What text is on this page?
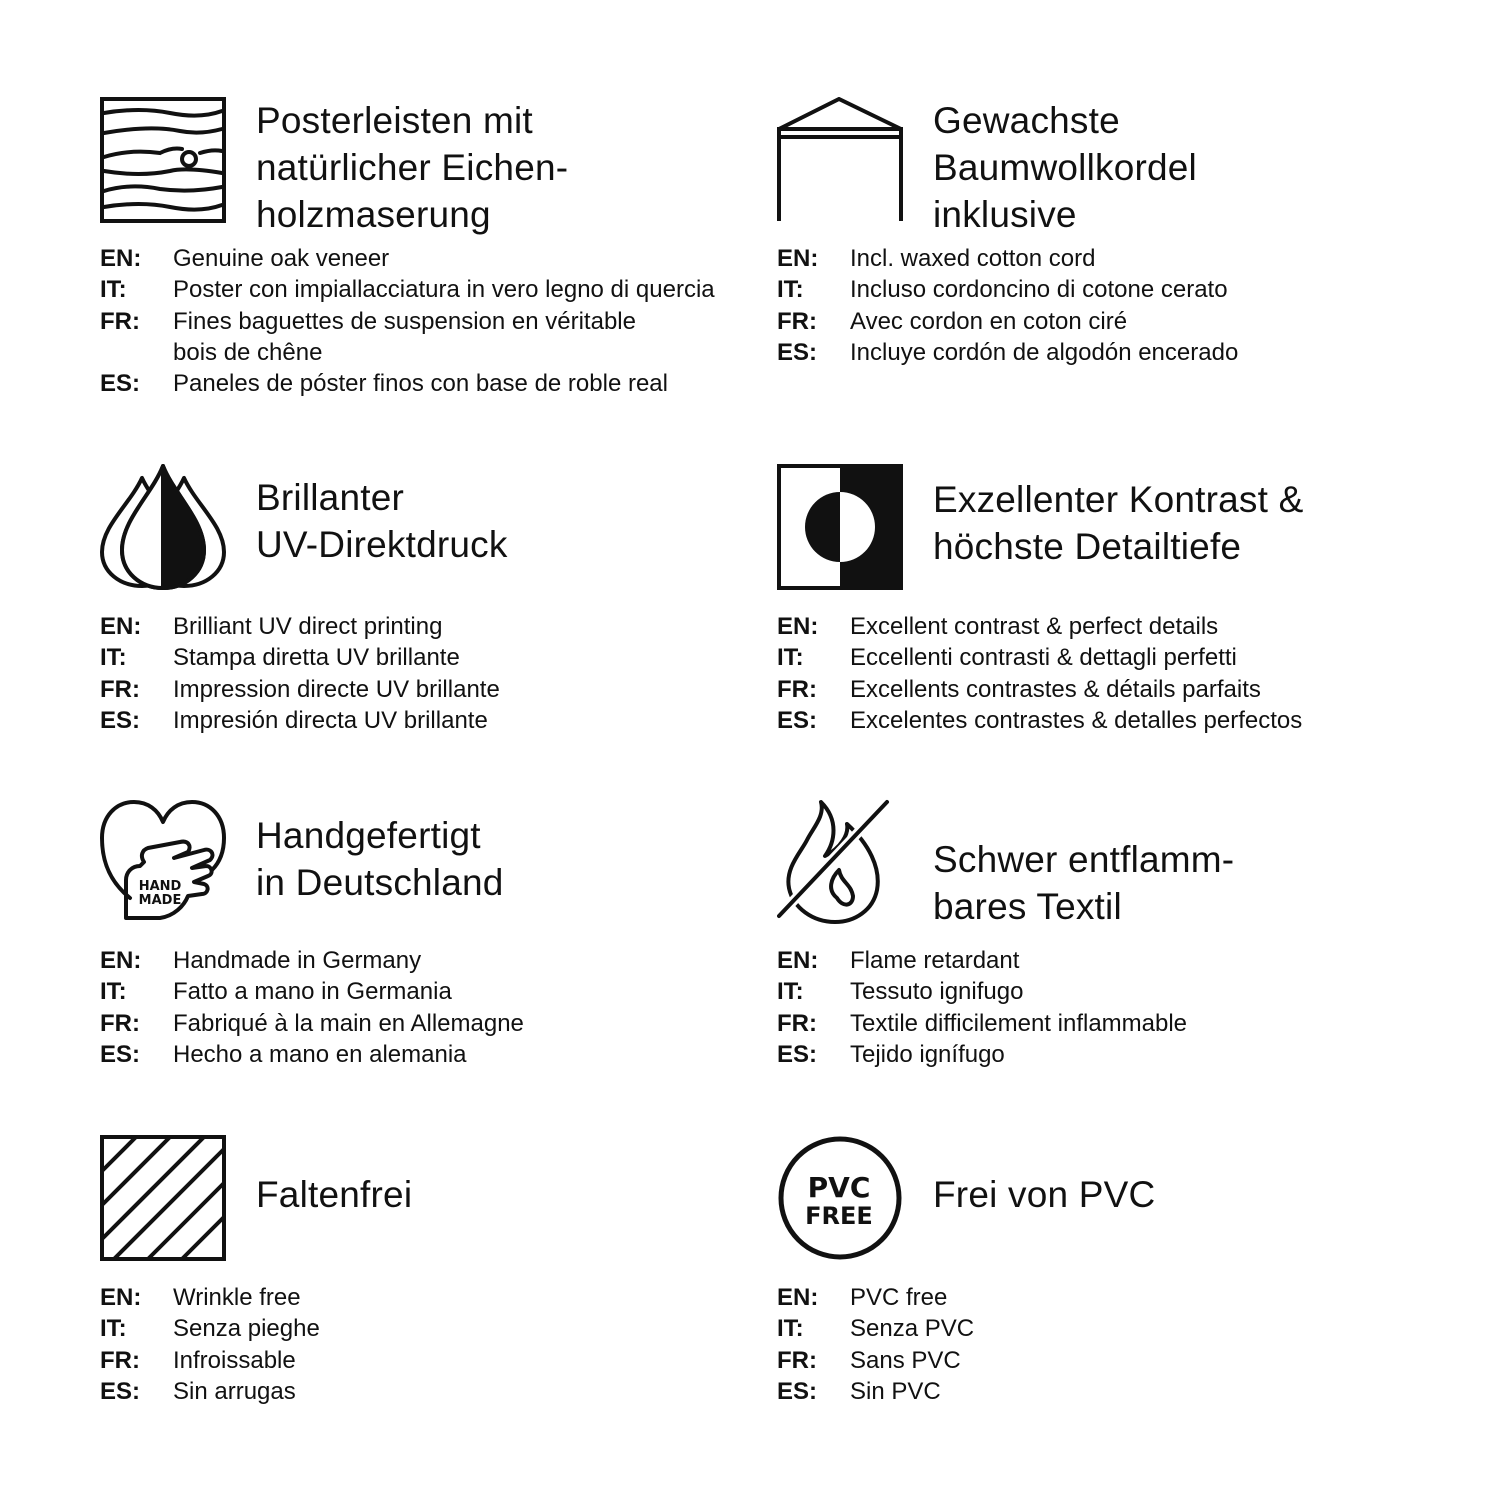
Posterleisten mit
natürlicher Eichen-
holzmaserung
EN:	Genuine oak veneer
IT:	Poster con impiallacciatura in vero legno di quercia
FR:	Fines baguettes de suspension en véritable
bois de chêne
ES:	Paneles de póster finos con base de roble real
Gewachste
Baumwollkordel
inklusive
EN:	Incl. waxed cotton cord
IT:	Incluso cordoncino di cotone cerato
FR:	Avec cordon en coton ciré
ES:	Incluye cordón de algodón encerado
Brillanter
UV-Direktdruck
EN:	Brilliant UV direct printing
IT:	Stampa diretta UV brillante
FR:	Impression directe UV brillante
ES:	Impresión directa UV brillante
Exzellenter Kontrast &
höchste Detailtiefe
EN:	Excellent contrast & perfect details
IT:	Eccellenti contrasti & dettagli perfetti
FR:	Excellents contrastes & détails parfaits
ES:	Excelentes contrastes & detalles perfectos
HAND
MADE
Handgefertigt
in Deutschland
EN:	Handmade in Germany
IT:	Fatto a mano in Germania
FR:	Fabriqué à la main en Allemagne
ES:	Hecho a mano en alemania
Schwer entflamm-
bares Textil
EN:	Flame retardant
IT:	Tessuto ignifugo
FR:	Textile difficilement inflammable
ES:	Tejido ignífugo
Faltenfrei
EN:	Wrinkle free
IT:	Senza pieghe
FR:	Infroissable
ES:	Sin arrugas
PVC
FREE
Frei von PVC
EN:	PVC free
IT:	Senza PVC
FR:	Sans PVC
ES:	Sin PVC
